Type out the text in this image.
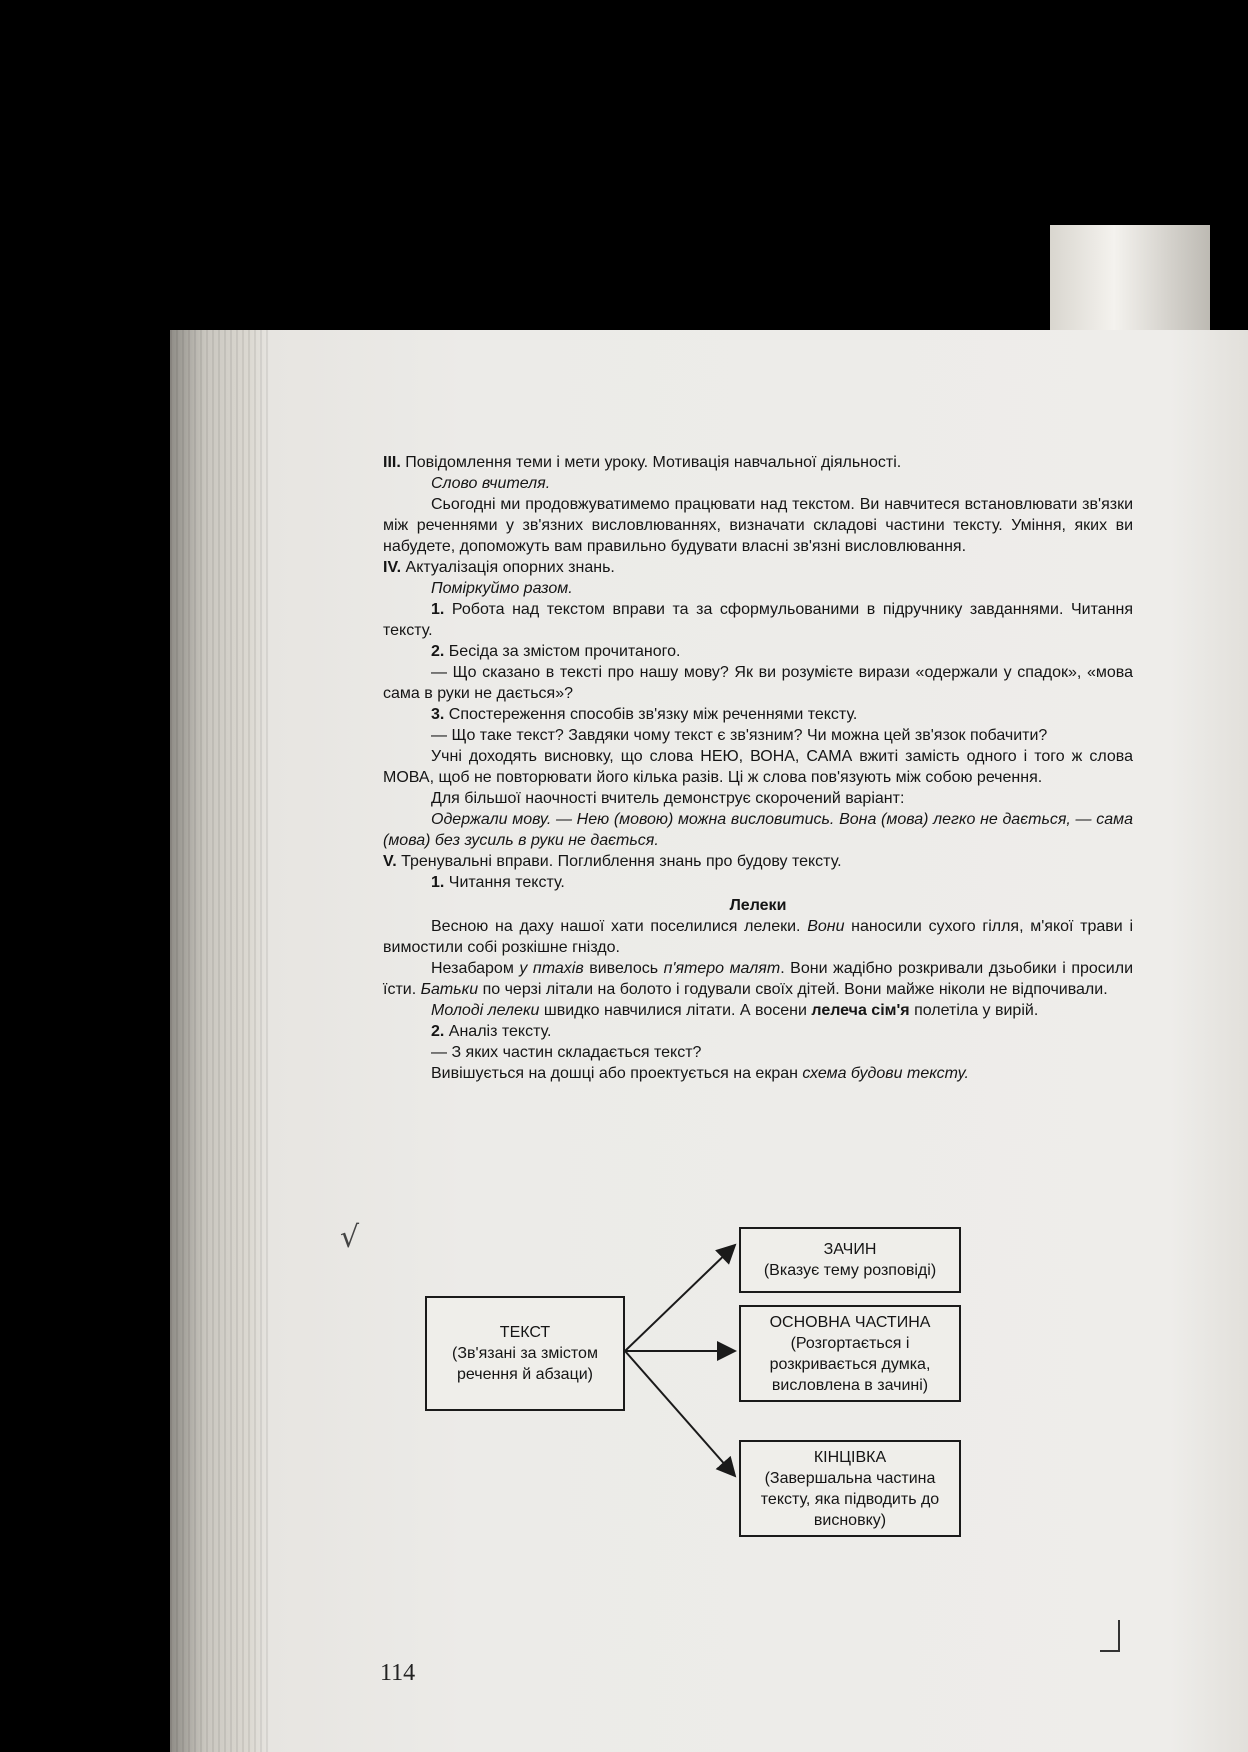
√

ІІІ. Повідомлення теми і мети уроку. Мотивація навчальної діяльності.

Слово вчителя.

Сьогодні ми продовжуватимемо працювати над текстом. Ви навчитеся встановлювати зв'язки між реченнями у зв'язних висловлюваннях, визначати складові частини тексту. Уміння, яких ви набудете, допоможуть вам правильно будувати власні зв'язні висловлювання.

ІV. Актуалізація опорних знань.

Поміркуймо разом.

1. Робота над текстом вправи та за сформульованими в підручнику завданнями. Читання тексту.

2. Бесіда за змістом прочитаного.

— Що сказано в тексті про нашу мову? Як ви розумієте вирази «одержали у спадок», «мова сама в руки не дається»?

3. Спостереження способів зв'язку між реченнями тексту.

— Що таке текст? Завдяки чому текст є зв'язним? Чи можна цей зв'язок побачити?

Учні доходять висновку, що слова НЕЮ, ВОНА, САМА вжиті замість одного і того ж слова МОВА, щоб не повторювати його кілька разів. Ці ж слова пов'язують між собою речення.

Для більшої наочності вчитель демонструє скорочений варіант:

Одержали мову. — Нею (мовою) можна висловитись. Вона (мова) легко не дається, — сама (мова) без зусиль в руки не дається.

V. Тренувальні вправи. Поглиблення знань про будову тексту.

1. Читання тексту.

Лелеки

Весною на даху нашої хати поселилися лелеки. Вони наносили сухого гілля, м'якої трави і вимостили собі розкішне гніздо.

Незабаром у птахів вивелось п'ятеро малят. Вони жадібно розкривали дзьобики і просили їсти. Батьки по черзі літали на болото і годували своїх дітей. Вони майже ніколи не відпочивали.

Молоді лелеки швидко навчилися літати. А восени лелеча сім'я полетіла у вирій.

2. Аналіз тексту.

— З яких частин складається текст?

Вивішується на дошці або проектується на екран схема будови тексту.

ТЕКСТ
(Зв'язані за змістом речення й абзаци)
ЗАЧИН
(Вказує тему розповіді)
ОСНОВНА ЧАСТИНА
(Розгортається і розкривається думка, висловлена в зачині)
КІНЦІВКА
(Завершальна частина тексту, яка підводить до висновку)
114
